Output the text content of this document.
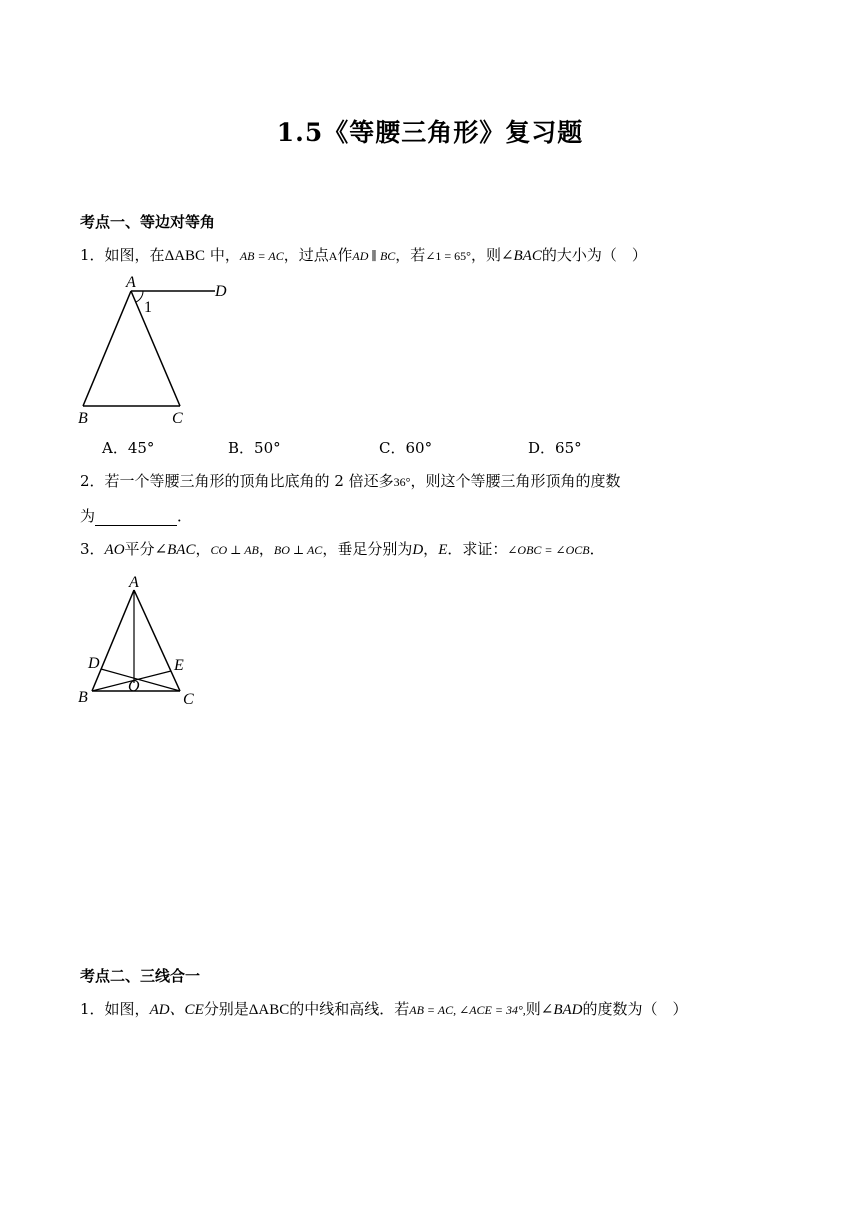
1.5《等腰三角形》复习题
考点一、等边对等角
1．如图，在ΔABC 中，AB = AC，过点A作AD ∥ BC，若∠1 = 65°，则∠BAC的大小为（　）
A
D
1
B	C
A．45°	B．50°	C．60°	D．65°
2．若一个等腰三角形的顶角比底角的 2 倍还多36°，则这个等腰三角形顶角的度数
为	．
3．AO平分∠BAC，CO ⊥ AB，BO ⊥ AC，垂足分别为D，E．求证：∠OBC = ∠OCB．
A
D	E
O
B	C
考点二、三线合一
1．如图，AD、CE分别是ΔABC的中线和高线．若AB = AC, ∠ACE = 34°,则∠BAD的度数为（　）
